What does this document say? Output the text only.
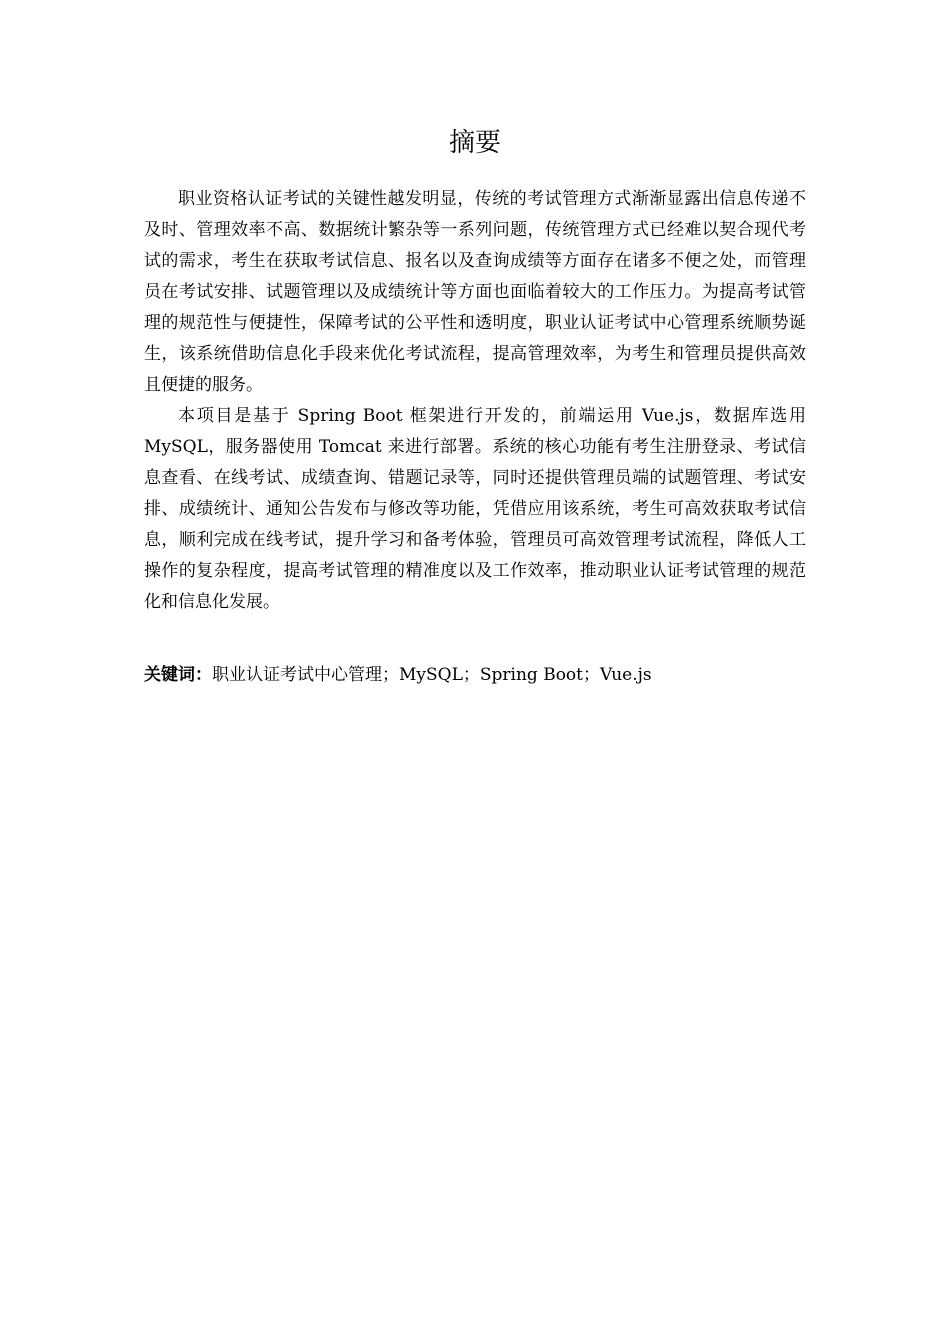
摘要

职业资格认证考试的关键性越发明显，传统的考试管理方式渐渐显露出信息传递不及时、管理效率不高、数据统计繁杂等一系列问题，传统管理方式已经难以契合现代考试的需求，考生在获取考试信息、报名以及查询成绩等方面存在诸多不便之处，而管理员在考试安排、试题管理以及成绩统计等方面也面临着较大的工作压力。为提高考试管理的规范性与便捷性，保障考试的公平性和透明度，职业认证考试中心管理系统顺势诞生，该系统借助信息化手段来优化考试流程，提高管理效率，为考生和管理员提供高效且便捷的服务。

本项目是基于 Spring Boot 框架进行开发的，前端运用 Vue.js，数据库选用 MySQL，服务器使用 Tomcat 来进行部署。系统的核心功能有考生注册登录、考试信息查看、在线考试、成绩查询、错题记录等，同时还提供管理员端的试题管理、考试安排、成绩统计、通知公告发布与修改等功能，凭借应用该系统，考生可高效获取考试信息，顺利完成在线考试，提升学习和备考体验，管理员可高效管理考试流程，降低人工操作的复杂程度，提高考试管理的精准度以及工作效率，推动职业认证考试管理的规范化和信息化发展。

关键词：职业认证考试中心管理；MySQL；Spring Boot；Vue.js
